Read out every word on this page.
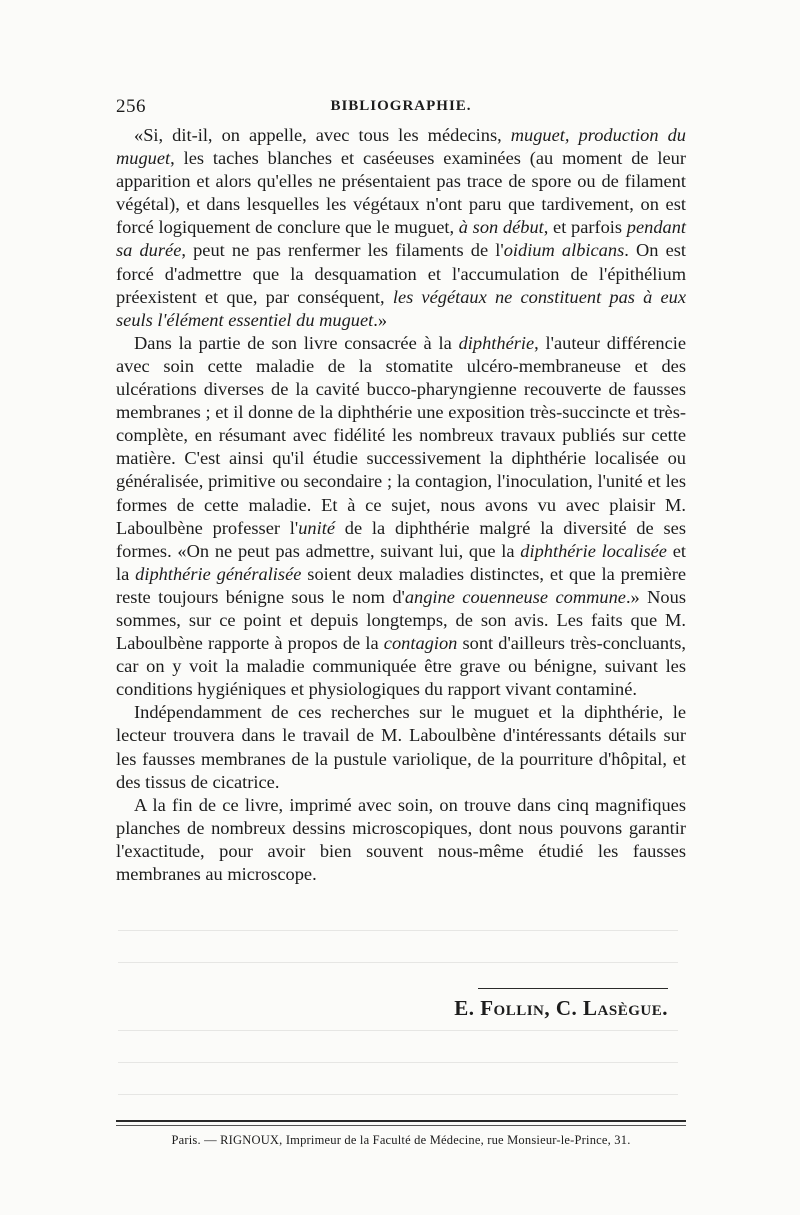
256	BIBLIOGRAPHIE.

«Si, dit-il, on appelle, avec tous les médecins, muguet, production du muguet, les taches blanches et caséeuses examinées (au moment de leur apparition et alors qu'elles ne présentaient pas trace de spore ou de filament végétal), et dans lesquelles les végétaux n'ont paru que tardivement, on est forcé logiquement de conclure que le muguet, à son début, et parfois pendant sa durée, peut ne pas renfermer les filaments de l'oidium albicans. On est forcé d'admettre que la desquamation et l'accumulation de l'épithélium préexistent et que, par conséquent, les végétaux ne constituent pas à eux seuls l'élément essentiel du muguet.»

Dans la partie de son livre consacrée à la diphthérie, l'auteur différencie avec soin cette maladie de la stomatite ulcéro-membraneuse et des ulcérations diverses de la cavité bucco-pharyngienne recouverte de fausses membranes ; et il donne de la diphthérie une exposition très-succincte et très-complète, en résumant avec fidélité les nombreux travaux publiés sur cette matière. C'est ainsi qu'il étudie successivement la diphthérie localisée ou généralisée, primitive ou secondaire ; la contagion, l'inoculation, l'unité et les formes de cette maladie. Et à ce sujet, nous avons vu avec plaisir M. Laboulbène professer l'unité de la diphthérie malgré la diversité de ses formes. «On ne peut pas admettre, suivant lui, que la diphthérie localisée et la diphthérie généralisée soient deux maladies distinctes, et que la première reste toujours bénigne sous le nom d'angine couenneuse commune.» Nous sommes, sur ce point et depuis longtemps, de son avis. Les faits que M. Laboulbène rapporte à propos de la contagion sont d'ailleurs très-concluants, car on y voit la maladie communiquée être grave ou bénigne, suivant les conditions hygiéniques et physiologiques du rapport vivant contaminé.

Indépendamment de ces recherches sur le muguet et la diphthérie, le lecteur trouvera dans le travail de M. Laboulbène d'intéressants détails sur les fausses membranes de la pustule variolique, de la pourriture d'hôpital, et des tissus de cicatrice.

A la fin de ce livre, imprimé avec soin, on trouve dans cinq magnifiques planches de nombreux dessins microscopiques, dont nous pouvons garantir l'exactitude, pour avoir bien souvent nous-même étudié les fausses membranes au microscope.

E. Follin, C. Lasègue.
Paris. — RIGNOUX, Imprimeur de la Faculté de Médecine, rue Monsieur-le-Prince, 31.
